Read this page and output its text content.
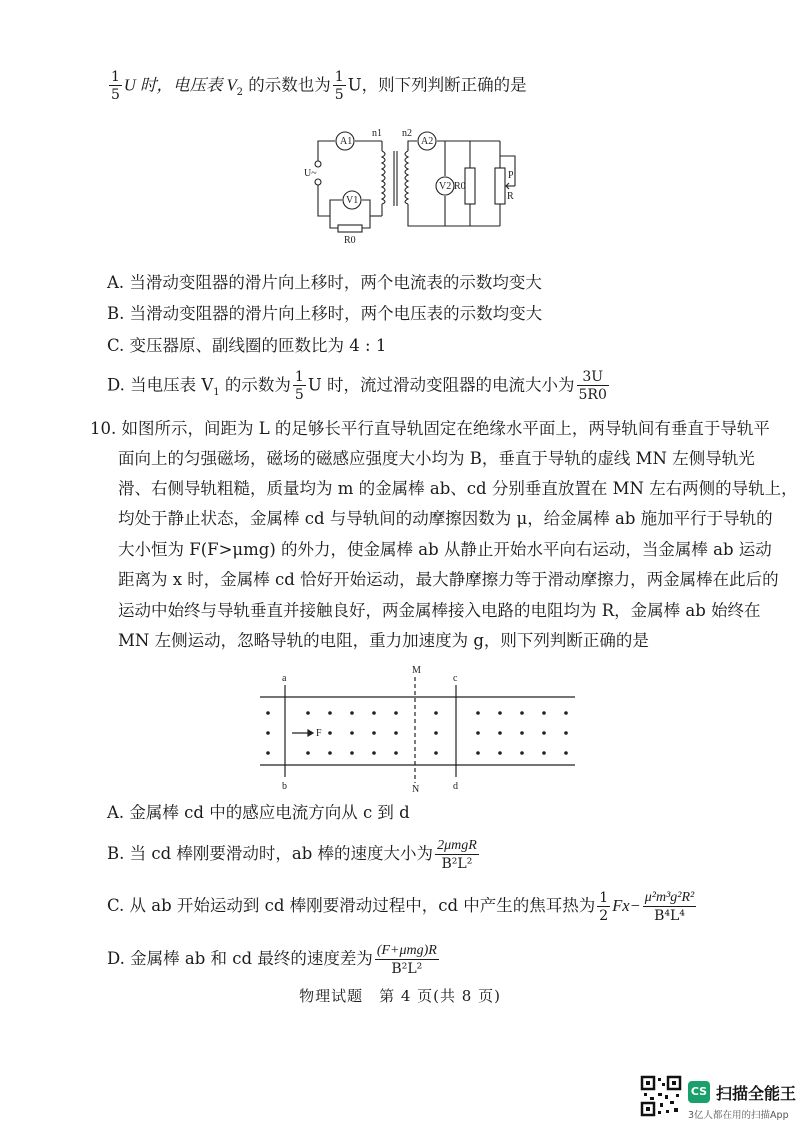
$\frac{1}{5}$ U 时，电压表 $V_2$ 的示数也为 $\frac{1}{5}$ U，则下列判断正确的是
A1	A2
V1
V2
n1 n2
U~
R0
R0
R
P
A. 当滑动变阻器的滑片向上移时，两个电流表的示数均变大
B. 当滑动变阻器的滑片向上移时，两个电压表的示数均变大
C. 变压器原、副线圈的匝数比为 4 : 1
D. 当电压表 $V_1$ 的示数为 $\frac{1}{5}$ U 时，流过滑动变阻器的电流大小为 $\frac{3U}{5R0}$
10. 如图所示，间距为 L 的足够长平行直导轨固定在绝缘水平面上，两导轨间有垂直于导轨平
面向上的匀强磁场，磁场的磁感应强度大小均为 B，垂直于导轨的虚线 MN 左侧导轨光
滑、右侧导轨粗糙，质量均为 m 的金属棒 ab、cd 分别垂直放置在 MN 左右两侧的导轨上，
均处于静止状态，金属棒 cd 与导轨间的动摩擦因数为 μ，给金属棒 ab 施加平行于导轨的
大小恒为 F(F>μmg) 的外力，使金属棒 ab 从静止开始水平向右运动，当金属棒 ab 运动
距离为 x 时，金属棒 cd 恰好开始运动，最大静摩擦力等于滑动摩擦力，两金属棒在此后的
运动中始终与导轨垂直并接触良好，两金属棒接入电路的电阻均为 R，金属棒 ab 始终在
MN 左侧运动，忽略导轨的电阻，重力加速度为 g，则下列判断正确的是
a
b
c
d
M
N
F
A. 金属棒 cd 中的感应电流方向从 c 到 d
B. 当 cd 棒刚要滑动时，ab 棒的速度大小为 $\frac{\text{2μmgR}}{\text{B²L²}}$
C. 从 ab 开始运动到 cd 棒刚要滑动过程中，cd 中产生的焦耳热为 $\frac{1}{2} Fx- \frac{\text{μ²m³g²R²}}{\text{B⁴L⁴}}$
D. 金属棒 ab 和 cd 最终的速度差为 $\frac{\text{(F+μmg)R}}{\text{B²L²}}$
物理试题　第 4 页(共 8 页)
CS 扫描全能王
3亿人都在用的扫描App
